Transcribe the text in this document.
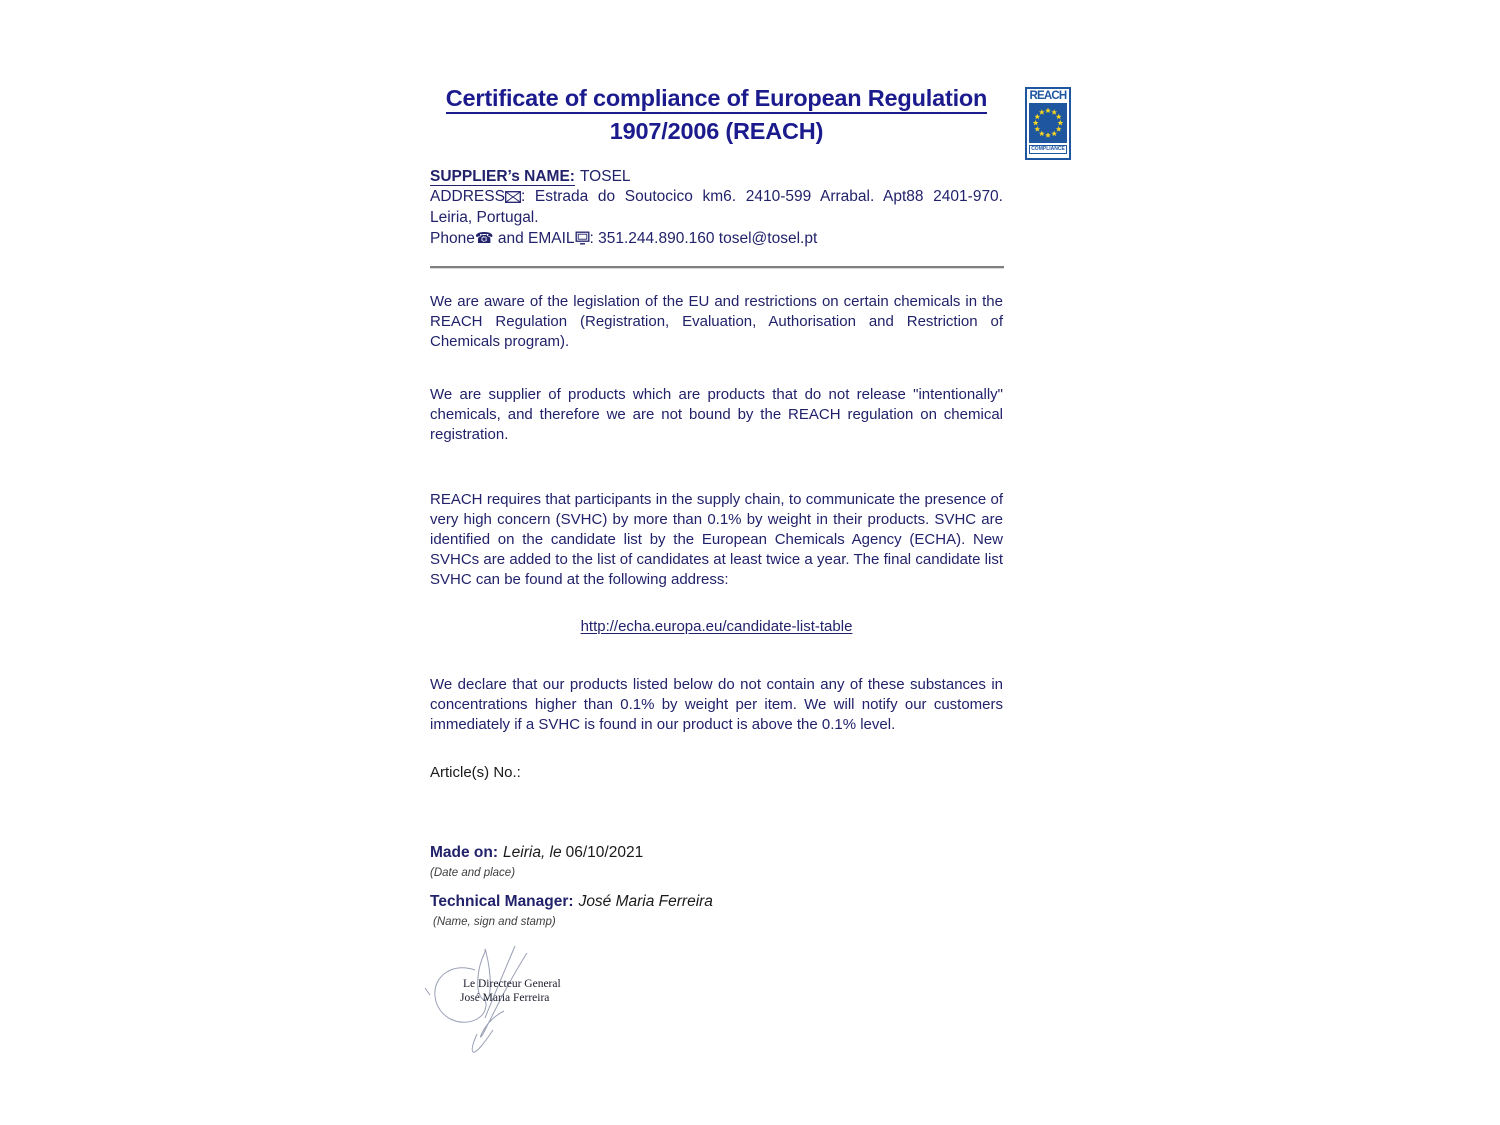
REACH
COMPLIANCE
Certificate of compliance of European Regulation
1907/2006 (REACH)

SUPPLIER’s NAME: TOSEL

ADDRESS : Estrada do Soutocico km6. 2410-599 Arrabal. Apt88 2401-970. Leiria, Portugal.

Phone☎ and EMAIL : 351.244.890.160 tosel@tosel.pt

We are aware of the legislation of the EU and restrictions on certain chemicals in the REACH Regulation (Registration, Evaluation, Authorisation and Restriction of Chemicals program).

We are supplier of products which are products that do not release "intentionally" chemicals, and therefore we are not bound by the REACH regulation on chemical registration.

REACH requires that participants in the supply chain, to communicate the presence of very high concern (SVHC) by more than 0.1% by weight in their products. SVHC are identified on the candidate list by the European Chemicals Agency (ECHA). New SVHCs are added to the list of candidates at least twice a year. The final candidate list SVHC can be found at the following address:

http://echa.europa.eu/candidate-list-table

We declare that our products listed below do not contain any of these substances in concentrations higher than 0.1% by weight per item. We will notify our customers immediately if a SVHC is found in our product is above the 0.1% level.

Article(s) No.:

Made on: Leiria, le 06/10/2021

(Date and place)

Technical Manager: José Maria Ferreira

(Name, sign and stamp)

Le Directeur General
José Maria Ferreira
